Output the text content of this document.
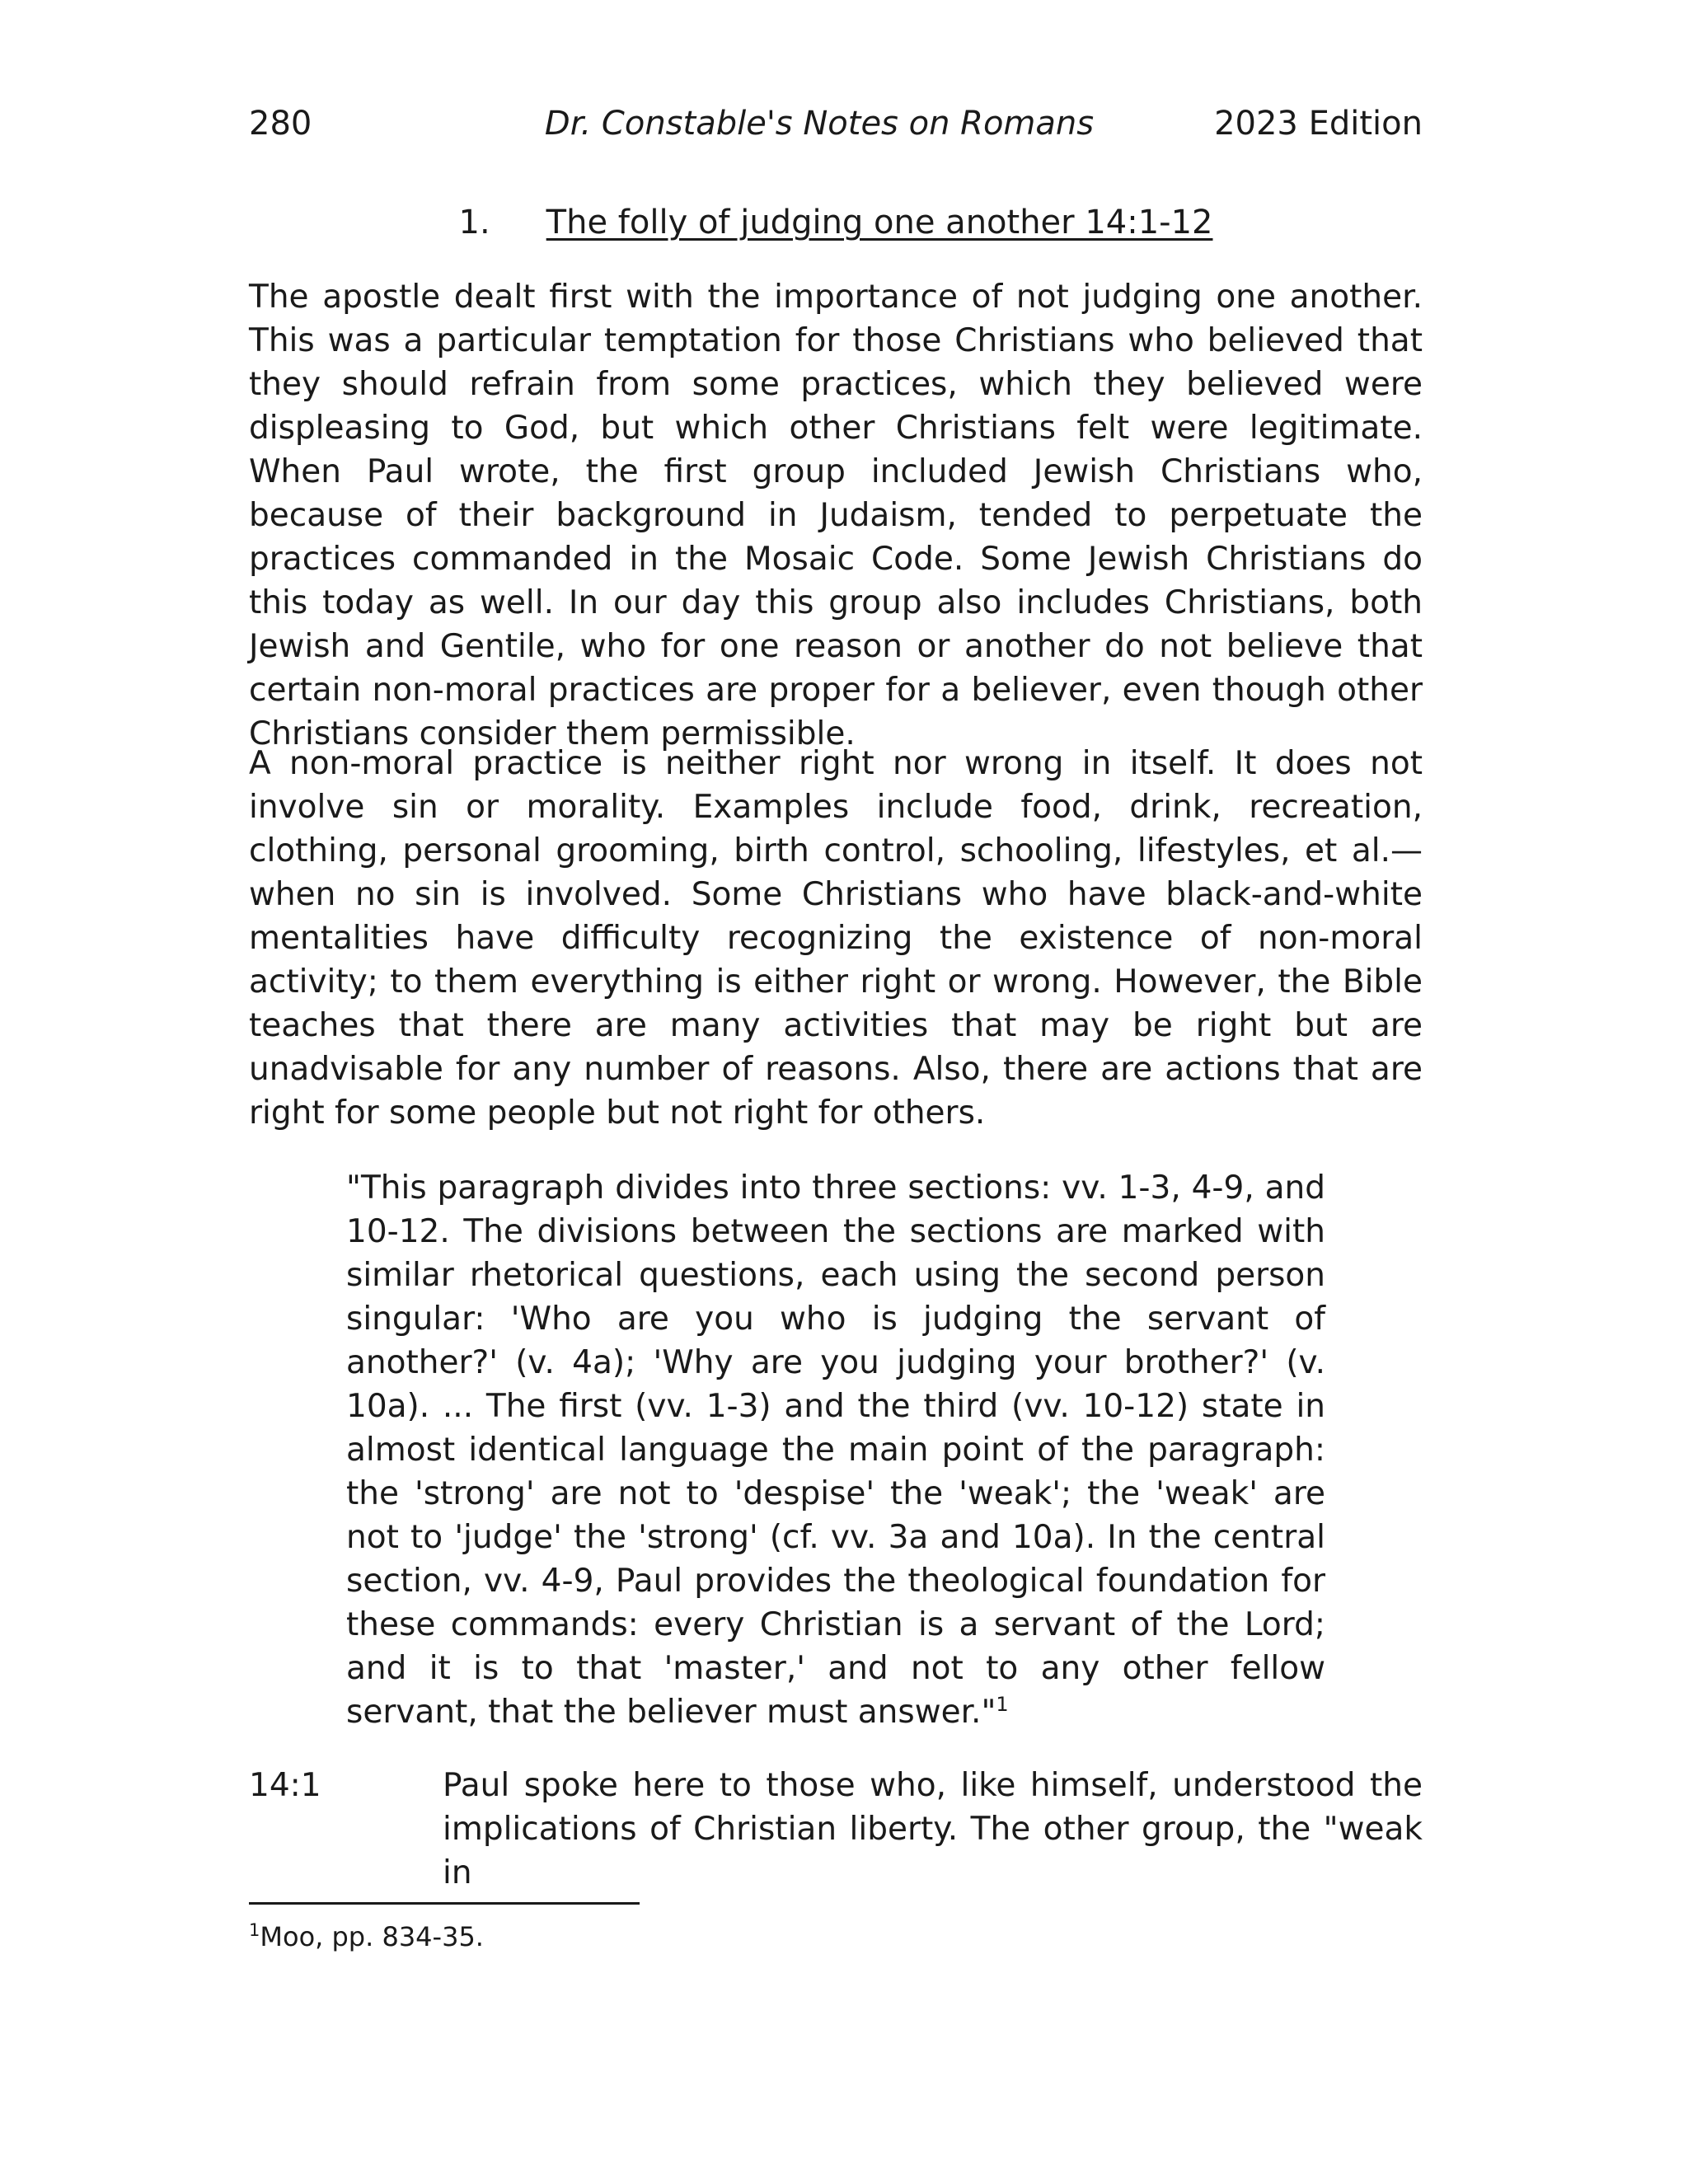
280	Dr. Constable's Notes on Romans	2023 Edition
1. The folly of judging one another 14:1-12

The apostle dealt first with the importance of not judging one another. This was a particular temptation for those Christians who believed that they should refrain from some practices, which they believed were displeasing to God, but which other Christians felt were legitimate. When Paul wrote, the first group included Jewish Christians who, because of their background in Judaism, tended to perpetuate the practices commanded in the Mosaic Code. Some Jewish Christians do this today as well. In our day this group also includes Christians, both Jewish and Gentile, who for one reason or another do not believe that certain non-moral practices are proper for a believer, even though other Christians consider them permissible.

A non-moral practice is neither right nor wrong in itself. It does not involve sin or morality. Examples include food, drink, recreation, clothing, personal grooming, birth control, schooling, lifestyles, et al.—when no sin is involved. Some Christians who have black-and-white mentalities have difficulty recognizing the existence of non-moral activity; to them everything is either right or wrong. However, the Bible teaches that there are many activities that may be right but are unadvisable for any number of reasons. Also, there are actions that are right for some people but not right for others.

"This paragraph divides into three sections: vv. 1-3, 4-9, and 10-12. The divisions between the sections are marked with similar rhetorical questions, each using the second person singular: 'Who are you who is judging the servant of another?' (v. 4a); 'Why are you judging your brother?' (v. 10a). ... The first (vv. 1-3) and the third (vv. 10-12) state in almost identical language the main point of the paragraph: the 'strong' are not to 'despise' the 'weak'; the 'weak' are not to 'judge' the 'strong' (cf. vv. 3a and 10a). In the central section, vv. 4-9, Paul provides the theological foundation for these commands: every Christian is a servant of the Lord; and it is to that 'master,' and not to any other fellow servant, that the believer must answer."$^1$

14:1	Paul spoke here to those who, like himself, understood the implications of Christian liberty. The other group, the "weak in

$^1$Moo, pp. 834-35.
